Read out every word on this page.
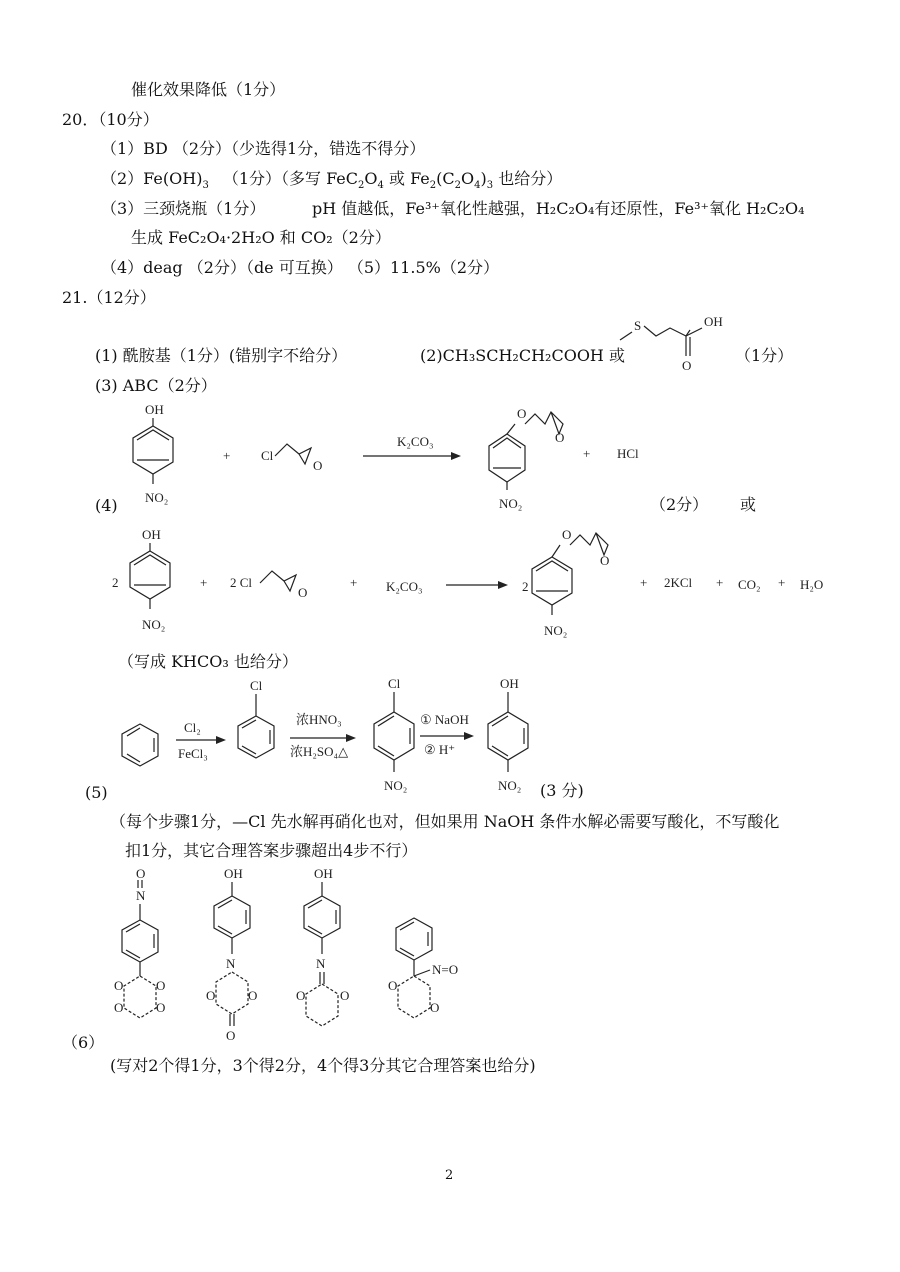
催化效果降低（1分）
20．（10分）
（1）BD （2分）（少选得1分，错选不得分）
$(2)Fe(OH)_3$ （1分）（多写 $FeC_2O_4$ 或 $Fe_2(C_2O_4)_3$ 也给分）
（3）三颈烧瓶（1分）	pH 值越低，Fe³⁺氧化性越强，H₂C₂O₄有还原性，Fe³⁺氧化 H₂C₂O₄
生成 FeC₂O₄·2H₂O 和 CO₂（2分）
（4）deag （2分）（de 可互换） （5）11.5%（2分）
21.（12分）
(1) 酰胺基（1分）(错别字不给分）	(2)CH₃SCH₂CH₂COOH 或	（1分）
(3) ABC（2分）
(4)	（2分） 或
（写成 KHCO₃ 也给分）
(5)	(3 分)
（每个步骤1分，—Cl 先水解再硝化也对，但如果用 NaOH 条件水解必需要写酸化，不写酸化
扣1分，其它合理答案步骤超出4步不行）
（6）
(写对2个得1分，3个得2分，4个得3分其它合理答案也给分)
2
S	OH
O
OH
NO₂
+ Cl
O
K₂CO₃
O
O
NO₂
+ HCl
2
OH
NO₂
+ 2 Cl
O
+ K₂CO₃	2
O
O
NO₂
+ 2KCl + CO₂ + H₂O
Cl₂
FeCl₃
Cl
浓HNO₃
浓H₂SO₄△
Cl
NO₂
① NaOH
② H⁺
OH
NO₂
O
N
O
O
O
O
OH
N
O	O
O
OH
N
O	O
N=O
O
O
